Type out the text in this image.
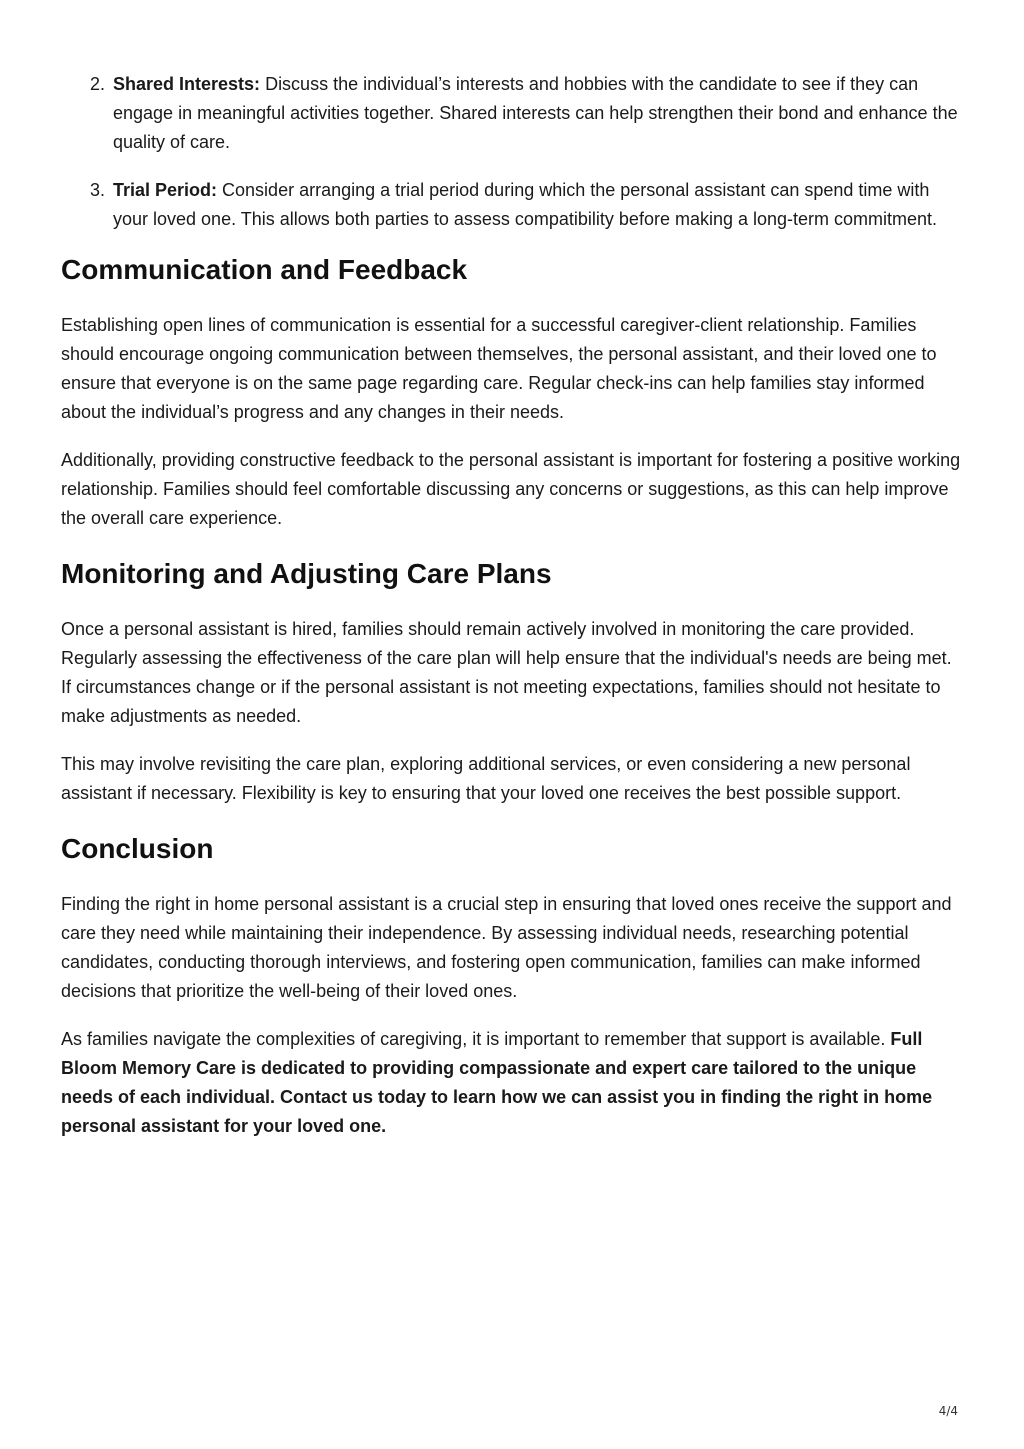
2. Shared Interests: Discuss the individual’s interests and hobbies with the candidate to see if they can engage in meaningful activities together. Shared interests can help strengthen their bond and enhance the quality of care.
3. Trial Period: Consider arranging a trial period during which the personal assistant can spend time with your loved one. This allows both parties to assess compatibility before making a long-term commitment.
Communication and Feedback

Establishing open lines of communication is essential for a successful caregiver-client relationship. Families should encourage ongoing communication between themselves, the personal assistant, and their loved one to ensure that everyone is on the same page regarding care. Regular check-ins can help families stay informed about the individual’s progress and any changes in their needs.

Additionally, providing constructive feedback to the personal assistant is important for fostering a positive working relationship. Families should feel comfortable discussing any concerns or suggestions, as this can help improve the overall care experience.

Monitoring and Adjusting Care Plans

Once a personal assistant is hired, families should remain actively involved in monitoring the care provided. Regularly assessing the effectiveness of the care plan will help ensure that the individual's needs are being met. If circumstances change or if the personal assistant is not meeting expectations, families should not hesitate to make adjustments as needed.

This may involve revisiting the care plan, exploring additional services, or even considering a new personal assistant if necessary. Flexibility is key to ensuring that your loved one receives the best possible support.

Conclusion

Finding the right in home personal assistant is a crucial step in ensuring that loved ones receive the support and care they need while maintaining their independence. By assessing individual needs, researching potential candidates, conducting thorough interviews, and fostering open communication, families can make informed decisions that prioritize the well-being of their loved ones.

As families navigate the complexities of caregiving, it is important to remember that support is available. Full Bloom Memory Care is dedicated to providing compassionate and expert care tailored to the unique needs of each individual. Contact us today to learn how we can assist you in finding the right in home personal assistant for your loved one.

4/4
